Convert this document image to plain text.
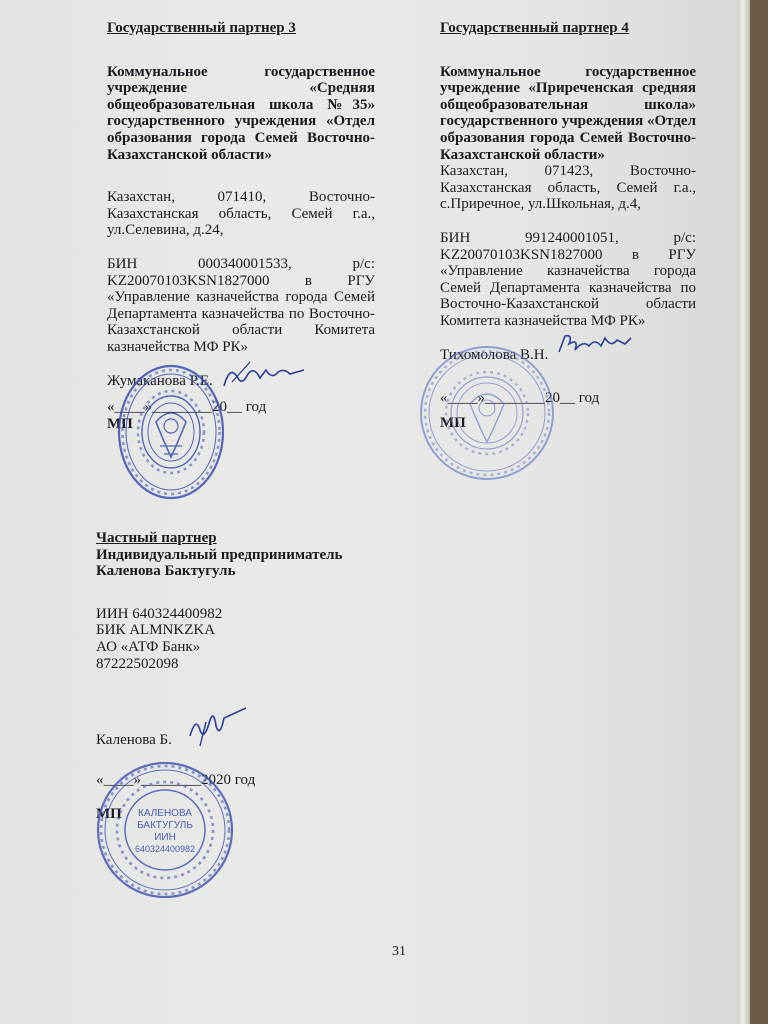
Государственный партнер 3

Коммунальное государственное

учреждение «Средняя

общеобразовательная школа №35»

государственного учреждения «Отдел

образования города Семей Восточно-

Казахстанской области»

Казахстан, 071410, Восточно-

Казахстанская область, Семей г.а.,

ул.Селевина, д.24,

БИН 000340001533, р/с:

KZ20070103KSN1827000 в РГУ

«Управление казначейства города Семей

Департамента казначейства по Восточно-

Казахстанской области Комитета

казначейства МФ РК»

Жумаканова Р.Е.

«____»________20__ год

МП

Государственный партнер 4

Коммунальное государственное

учреждение «Приреченская средняя

общеобразовательная школа»

государственного учреждения «Отдел

образования города Семей Восточно-

Казахстанской области»

Казахстан, 071423, Восточно-

Казахстанская область, Семей г.а.,

с.Приречное, ул.Школьная, д.4,

БИН 991240001051, р/с:

KZ20070103KSN1827000 в РГУ

«Управление казначейства города

Семей Департамента казначейства по

Восточно-Казахстанской области

Комитета казначейства МФ РК»

Тихомолова В.Н.

«____»________20__ год

МП

Частный партнер

Индивидуальный предприниматель

Каленова Бактугуль

ИИН 640324400982

БИК ALMNKZKA

АО «АТФ Банк»

87222502098

Каленова Б.

«____»________2020 год

МП	КАЛЕНОВА
БАКТУГУЛЬ
ИИН
640324400982
31
